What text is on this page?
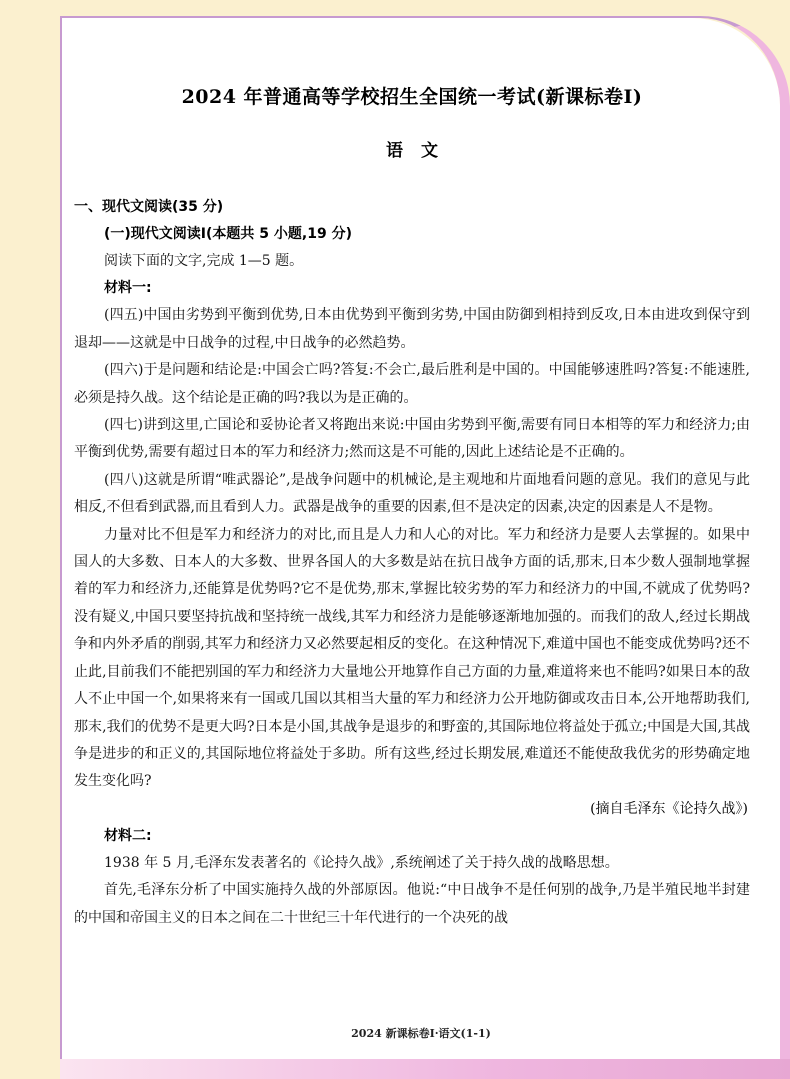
2024 年普通高等学校招生全国统一考试(新课标卷Ⅰ)
语文
一、现代文阅读(35 分)
(一)现代文阅读Ⅰ(本题共 5 小题,19 分)

阅读下面的文字,完成 1—5 题。

材料一:

(四五)中国由劣势到平衡到优势,日本由优势到平衡到劣势,中国由防御到相持到反攻,日本由进攻到保守到退却——这就是中日战争的过程,中日战争的必然趋势。

(四六)于是问题和结论是:中国会亡吗?答复:不会亡,最后胜利是中国的。中国能够速胜吗?答复:不能速胜,必须是持久战。这个结论是正确的吗?我以为是正确的。

(四七)讲到这里,亡国论和妥协论者又将跑出来说:中国由劣势到平衡,需要有同日本相等的军力和经济力;由平衡到优势,需要有超过日本的军力和经济力;然而这是不可能的,因此上述结论是不正确的。

(四八)这就是所谓“唯武器论”,是战争问题中的机械论,是主观地和片面地看问题的意见。我们的意见与此相反,不但看到武器,而且看到人力。武器是战争的重要的因素,但不是决定的因素,决定的因素是人不是物。

力量对比不但是军力和经济力的对比,而且是人力和人心的对比。军力和经济力是要人去掌握的。如果中国人的大多数、日本人的大多数、世界各国人的大多数是站在抗日战争方面的话,那末,日本少数人强制地掌握着的军力和经济力,还能算是优势吗?它不是优势,那末,掌握比较劣势的军力和经济力的中国,不就成了优势吗?没有疑义,中国只要坚持抗战和坚持统一战线,其军力和经济力是能够逐渐地加强的。而我们的敌人,经过长期战争和内外矛盾的削弱,其军力和经济力又必然要起相反的变化。在这种情况下,难道中国也不能变成优势吗?还不止此,目前我们不能把别国的军力和经济力大量地公开地算作自己方面的力量,难道将来也不能吗?如果日本的敌人不止中国一个,如果将来有一国或几国以其相当大量的军力和经济力公开地防御或攻击日本,公开地帮助我们,那末,我们的优势不是更大吗?日本是小国,其战争是退步的和野蛮的,其国际地位将益处于孤立;中国是大国,其战争是进步的和正义的,其国际地位将益处于多助。所有这些,经过长期发展,难道还不能使敌我优劣的形势确定地发生变化吗?

(摘自毛泽东《论持久战》)
材料二:

1938 年 5 月,毛泽东发表著名的《论持久战》,系统阐述了关于持久战的战略思想。

首先,毛泽东分析了中国实施持久战的外部原因。他说:“中日战争不是任何别的战争,乃是半殖民地半封建的中国和帝国主义的日本之间在二十世纪三十年代进行的一个决死的战

2024 新课标卷Ⅰ·语文(1-1)
